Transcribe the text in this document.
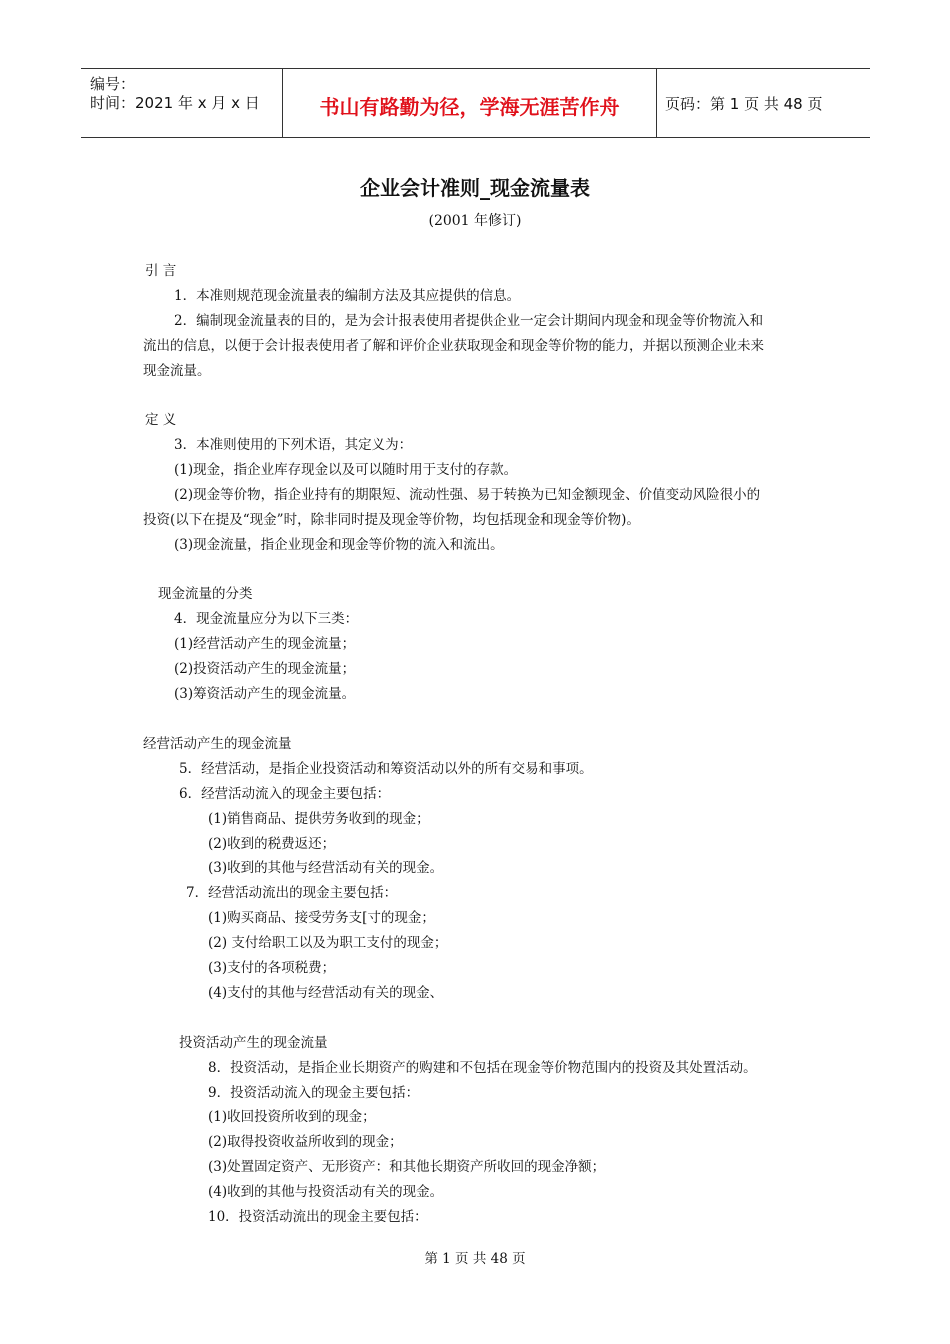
编号：
时间：2021 年 x 月 x 日	书山有路勤为径，学海无涯苦作舟	页码：第 1 页 共 48 页
企业会计准则_现金流量表
(2001 年修订)
引 言
1．本准则规范现金流量表的编制方法及其应提供的信息。
2．编制现金流量表的目的，是为会计报表使用者提供企业一定会计期间内现金和现金等价物流入和
流出的信息，以便于会计报表使用者了解和评价企业获取现金和现金等价物的能力，并据以预测企业未来
现金流量。
定 义
3．本准则使用的下列术语，其定义为：
(1)现金，指企业库存现金以及可以随时用于支付的存款。
(2)现金等价物，指企业持有的期限短、流动性强、易于转换为已知金额现金、价值变动风险很小的
投资(以下在提及“现金”时，除非同时提及现金等价物，均包括现金和现金等价物)。
(3)现金流量，指企业现金和现金等价物的流入和流出。
现金流量的分类
4．现金流量应分为以下三类：
(1)经营活动产生的现金流量；
(2)投资活动产生的现金流量；
(3)筹资活动产生的现金流量。
经营活动产生的现金流量
5．经营活动，是指企业投资活动和筹资活动以外的所有交易和事项。
6．经营活动流入的现金主要包括：
(1)销售商品、提供劳务收到的现金；
(2)收到的税费返还；
(3)收到的其他与经营活动有关的现金。
7．经营活动流出的现金主要包括：
(1)购买商品、接受劳务支[寸的现金；
(2) 支付给职工以及为职工支付的现金；
(3)支付的各项税费；
(4)支付的其他与经营活动有关的现金、
投资活动产生的现金流量
8．投资活动，是指企业长期资产的购建和不包括在现金等价物范围内的投资及其处置活动。
9．投资活动流入的现金主要包括：
(1)收回投资所收到的现金；
(2)取得投资收益所收到的现金；
(3)处置固定资产、无形资产：和其他长期资产所收回的现金净额；
(4)收到的其他与投资活动有关的现金。
10．投资活动流出的现金主要包括：
第 1 页 共 48 页
